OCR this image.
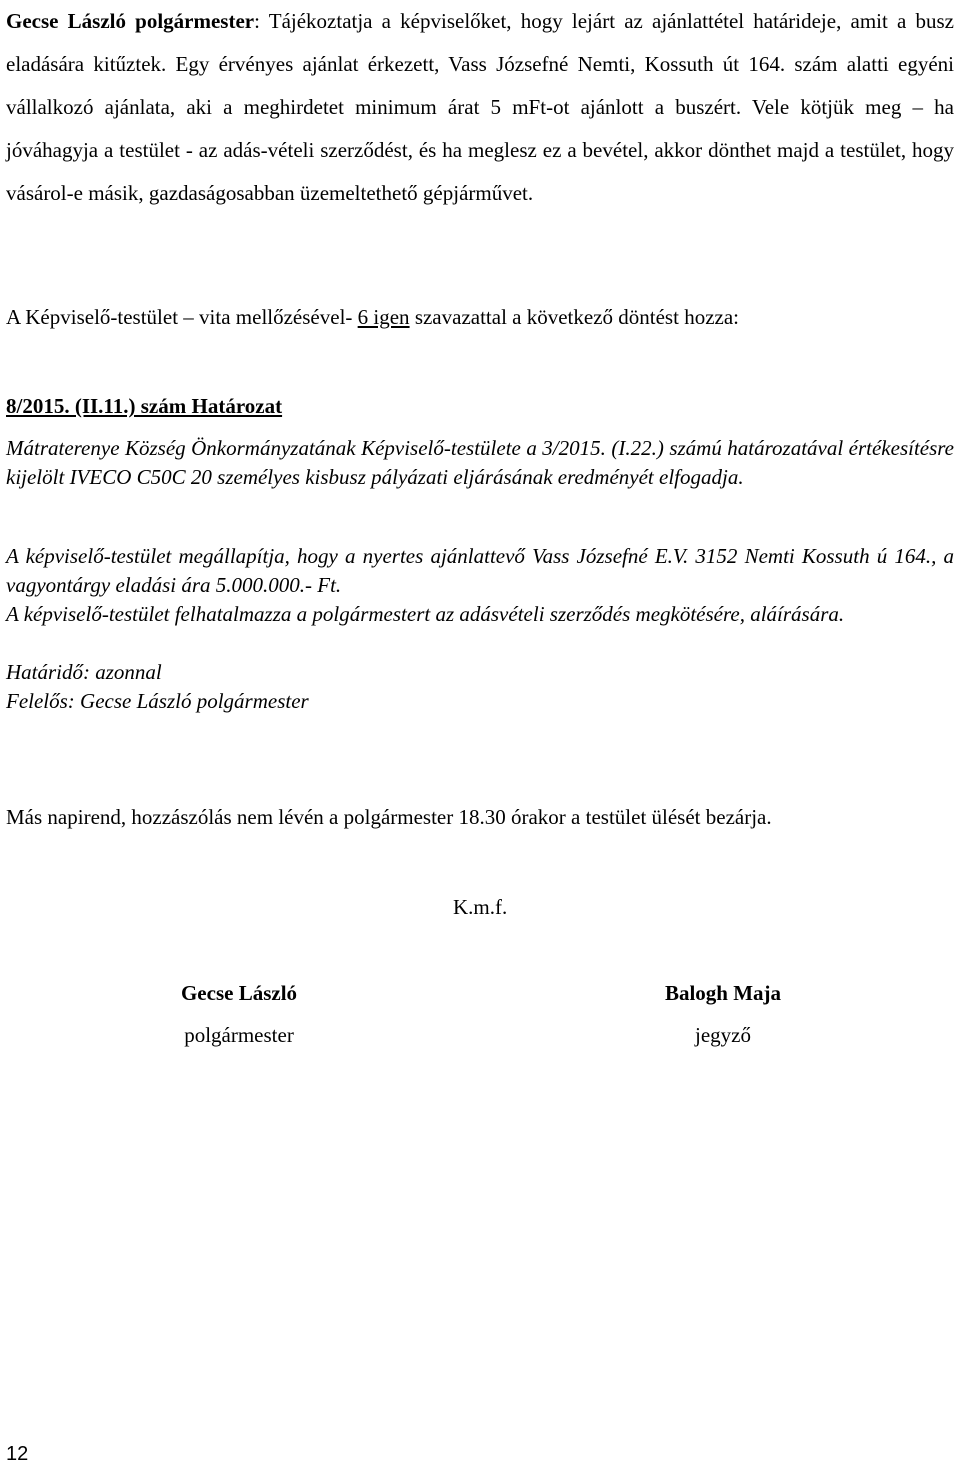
Gecse László polgármester: Tájékoztatja a képviselőket, hogy lejárt az ajánlattétel határideje, amit a busz eladására kitűztek. Egy érvényes ajánlat érkezett, Vass Józsefné Nemti, Kossuth út 164. szám alatti egyéni vállalkozó ajánlata, aki a meghirdetet minimum árat 5 mFt-ot ajánlott a buszért. Vele kötjük meg – ha jóváhagyja a testület - az adás-vételi szerződést, és ha meglesz ez a bevétel, akkor dönthet majd a testület, hogy vásárol-e másik, gazdaságosabban üzemeltethető gépjárművet.

A Képviselő-testület – vita mellőzésével- 6 igen szavazattal a következő döntést hozza:

8/2015. (II.11.) szám Határozat

Mátraterenye Község Önkormányzatának Képviselő-testülete a 3/2015. (I.22.) számú határozatával értékesítésre kijelölt IVECO C50C 20 személyes kisbusz pályázati eljárásának eredményét elfogadja.

A képviselő-testület megállapítja, hogy a nyertes ajánlattevő Vass Józsefné E.V. 3152 Nemti Kossuth ú 164., a vagyontárgy eladási ára 5.000.000.- Ft.

A képviselő-testület felhatalmazza a polgármestert az adásvételi szerződés megkötésére, aláírására.

Határidő: azonnal

Felelős: Gecse László polgármester

Más napirend, hozzászólás nem lévén a polgármester 18.30 órakor a testület ülését bezárja.

K.m.f.

Gecse László
polgármester
Balogh Maja
jegyző

12
